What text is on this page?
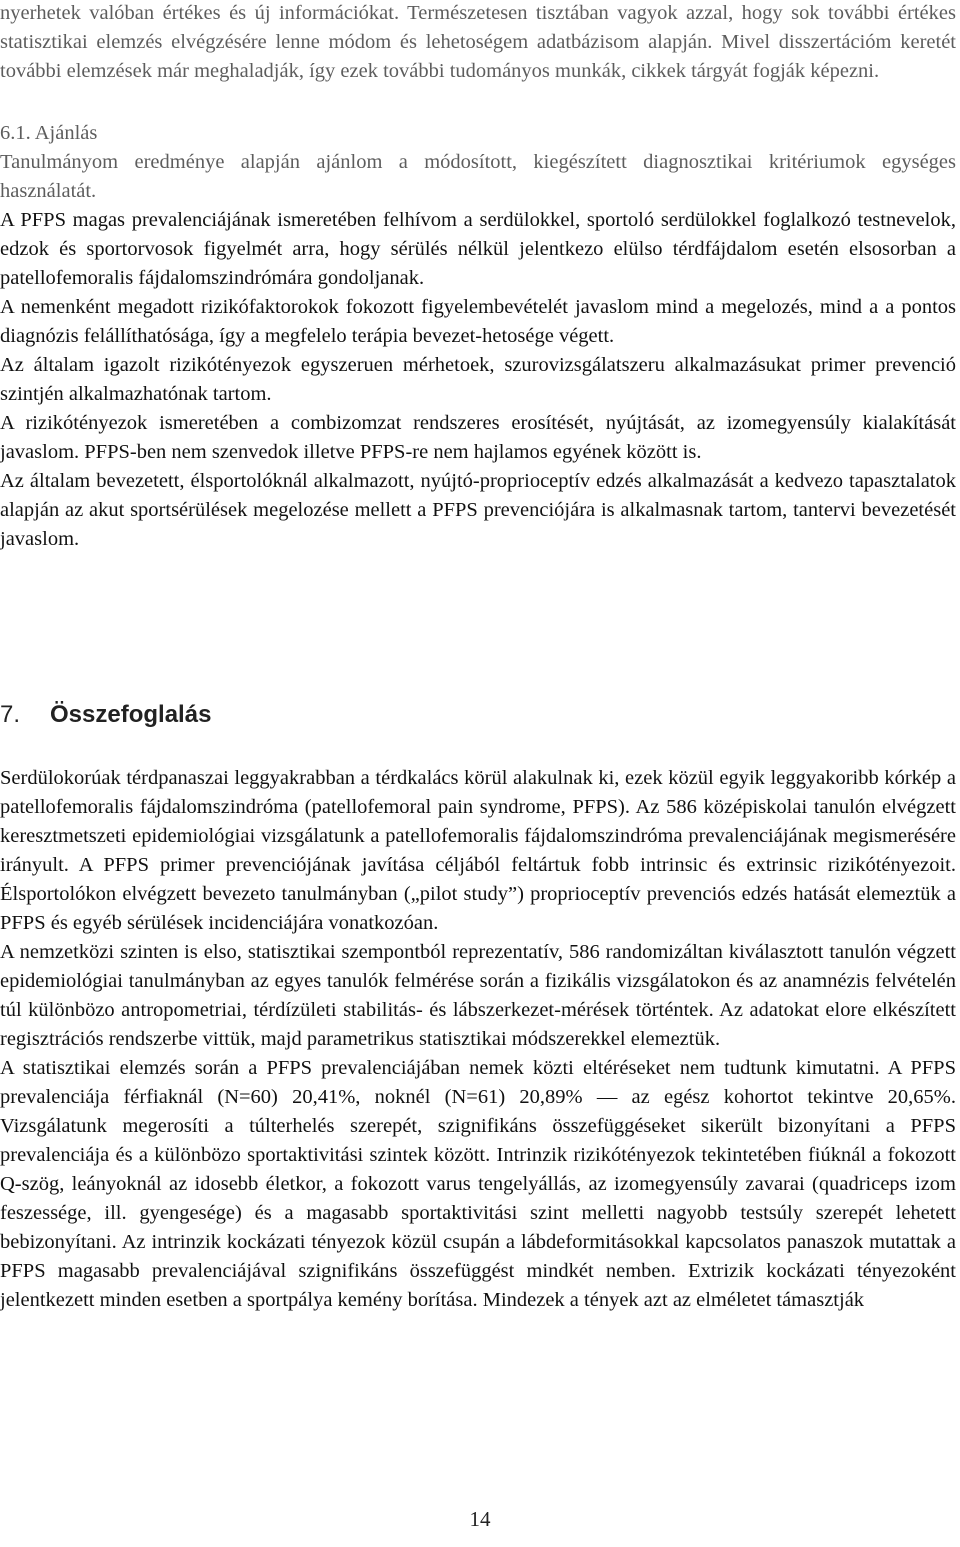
nyerhetek valóban értékes és új információkat. Természetesen tisztában vagyok azzal, hogy sok további értékes statisztikai elemzés elvégzésére lenne módom és lehetoségem adatbázisom alapján. Mivel disszertációm keretét további elemzések már meghaladják, így ezek további tudományos munkák, cikkek tárgyát fogják képezni.

6.1. Ajánlás

Tanulmányom eredménye alapján ajánlom a módosított, kiegészített diagnosztikai kritériumok egységes használatát.

A PFPS magas prevalenciájának ismeretében felhívom a serdülokkel, sportoló serdülokkel foglalkozó testnevelok, edzok és sportorvosok figyelmét arra, hogy sérülés nélkül jelentkezo elülso térdfájdalom esetén elsosorban a patellofemoralis fájdalomszindrómára gondoljanak.

A nemenként megadott rizikófaktorokok fokozott figyelembevételét javaslom mind a megelozés, mind a a pontos diagnózis felállíthatósága, így a megfelelo terápia bevezet-hetosége végett.

Az általam igazolt rizikótényezok egyszeruen mérhetoek, szurovizsgálatszeru alkalmazásukat primer prevenció szintjén alkalmazhatónak tartom.

A rizikótényezok ismeretében a combizomzat rendszeres erosítését, nyújtását, az izomegyensúly kialakítását javaslom. PFPS-ben nem szenvedok illetve PFPS-re nem hajlamos egyének között is.

Az általam bevezetett, élsportolóknál alkalmazott, nyújtó-proprioceptív edzés alkalmazását a kedvezo tapasztalatok alapján az akut sportsérülések megelozése mellett a PFPS prevenciójára is alkalmasnak tartom, tantervi bevezetését javaslom.

7. Összefoglalás

Serdülokorúak térdpanaszai leggyakrabban a térdkalács körül alakulnak ki, ezek közül egyik leggyakoribb kórkép a patellofemoralis fájdalomszindróma (patellofemoral pain syndrome, PFPS). Az 586 középiskolai tanulón elvégzett keresztmetszeti epidemiológiai vizsgálatunk a patellofemoralis fájdalomszindróma prevalenciájának megismerésére irányult. A PFPS primer prevenciójának javítása céljából feltártuk fobb intrinsic és extrinsic rizikótényezoit. Élsportolókon elvégzett bevezeto tanulmányban („pilot study”) proprioceptív prevenciós edzés hatását elemeztük a PFPS és egyéb sérülések incidenciájára vonatkozóan.

A nemzetközi szinten is elso, statisztikai szempontból reprezentatív, 586 randomizáltan kiválasztott tanulón végzett epidemiológiai tanulmányban az egyes tanulók felmérése során a fizikális vizsgálatokon és az anamnézis felvételén túl különbözo antropometriai, térdízületi stabilitás- és lábszerkezet-mérések történtek. Az adatokat elore elkészített regisztrációs rendszerbe vittük, majd parametrikus statisztikai módszerekkel elemeztük.

A statisztikai elemzés során a PFPS prevalenciájában nemek közti eltéréseket nem tudtunk kimutatni. A PFPS prevalenciája férfiaknál (N=60) 20,41%, noknél (N=61) 20,89% — az egész kohortot tekintve 20,65%. Vizsgálatunk megerosíti a túlterhelés szerepét, szignifikáns összefüggéseket sikerült bizonyítani a PFPS prevalenciája és a különbözo sportaktivitási szintek között. Intrinzik rizikótényezok tekintetében fiúknál a fokozott Q-szög, leányoknál az idosebb életkor, a fokozott varus tengelyállás, az izomegyensúly zavarai (quadriceps izom feszessége, ill. gyengesége) és a magasabb sportaktivitási szint melletti nagyobb testsúly szerepét lehetett bebizonyítani. Az intrinzik kockázati tényezok közül csupán a lábdeformitásokkal kapcsolatos panaszok mutattak a PFPS magasabb prevalenciájával szignifikáns összefüggést mindkét nemben. Extrizik kockázati tényezoként jelentkezett minden esetben a sportpálya kemény borítása. Mindezek a tények azt az elméletet támasztják

14
